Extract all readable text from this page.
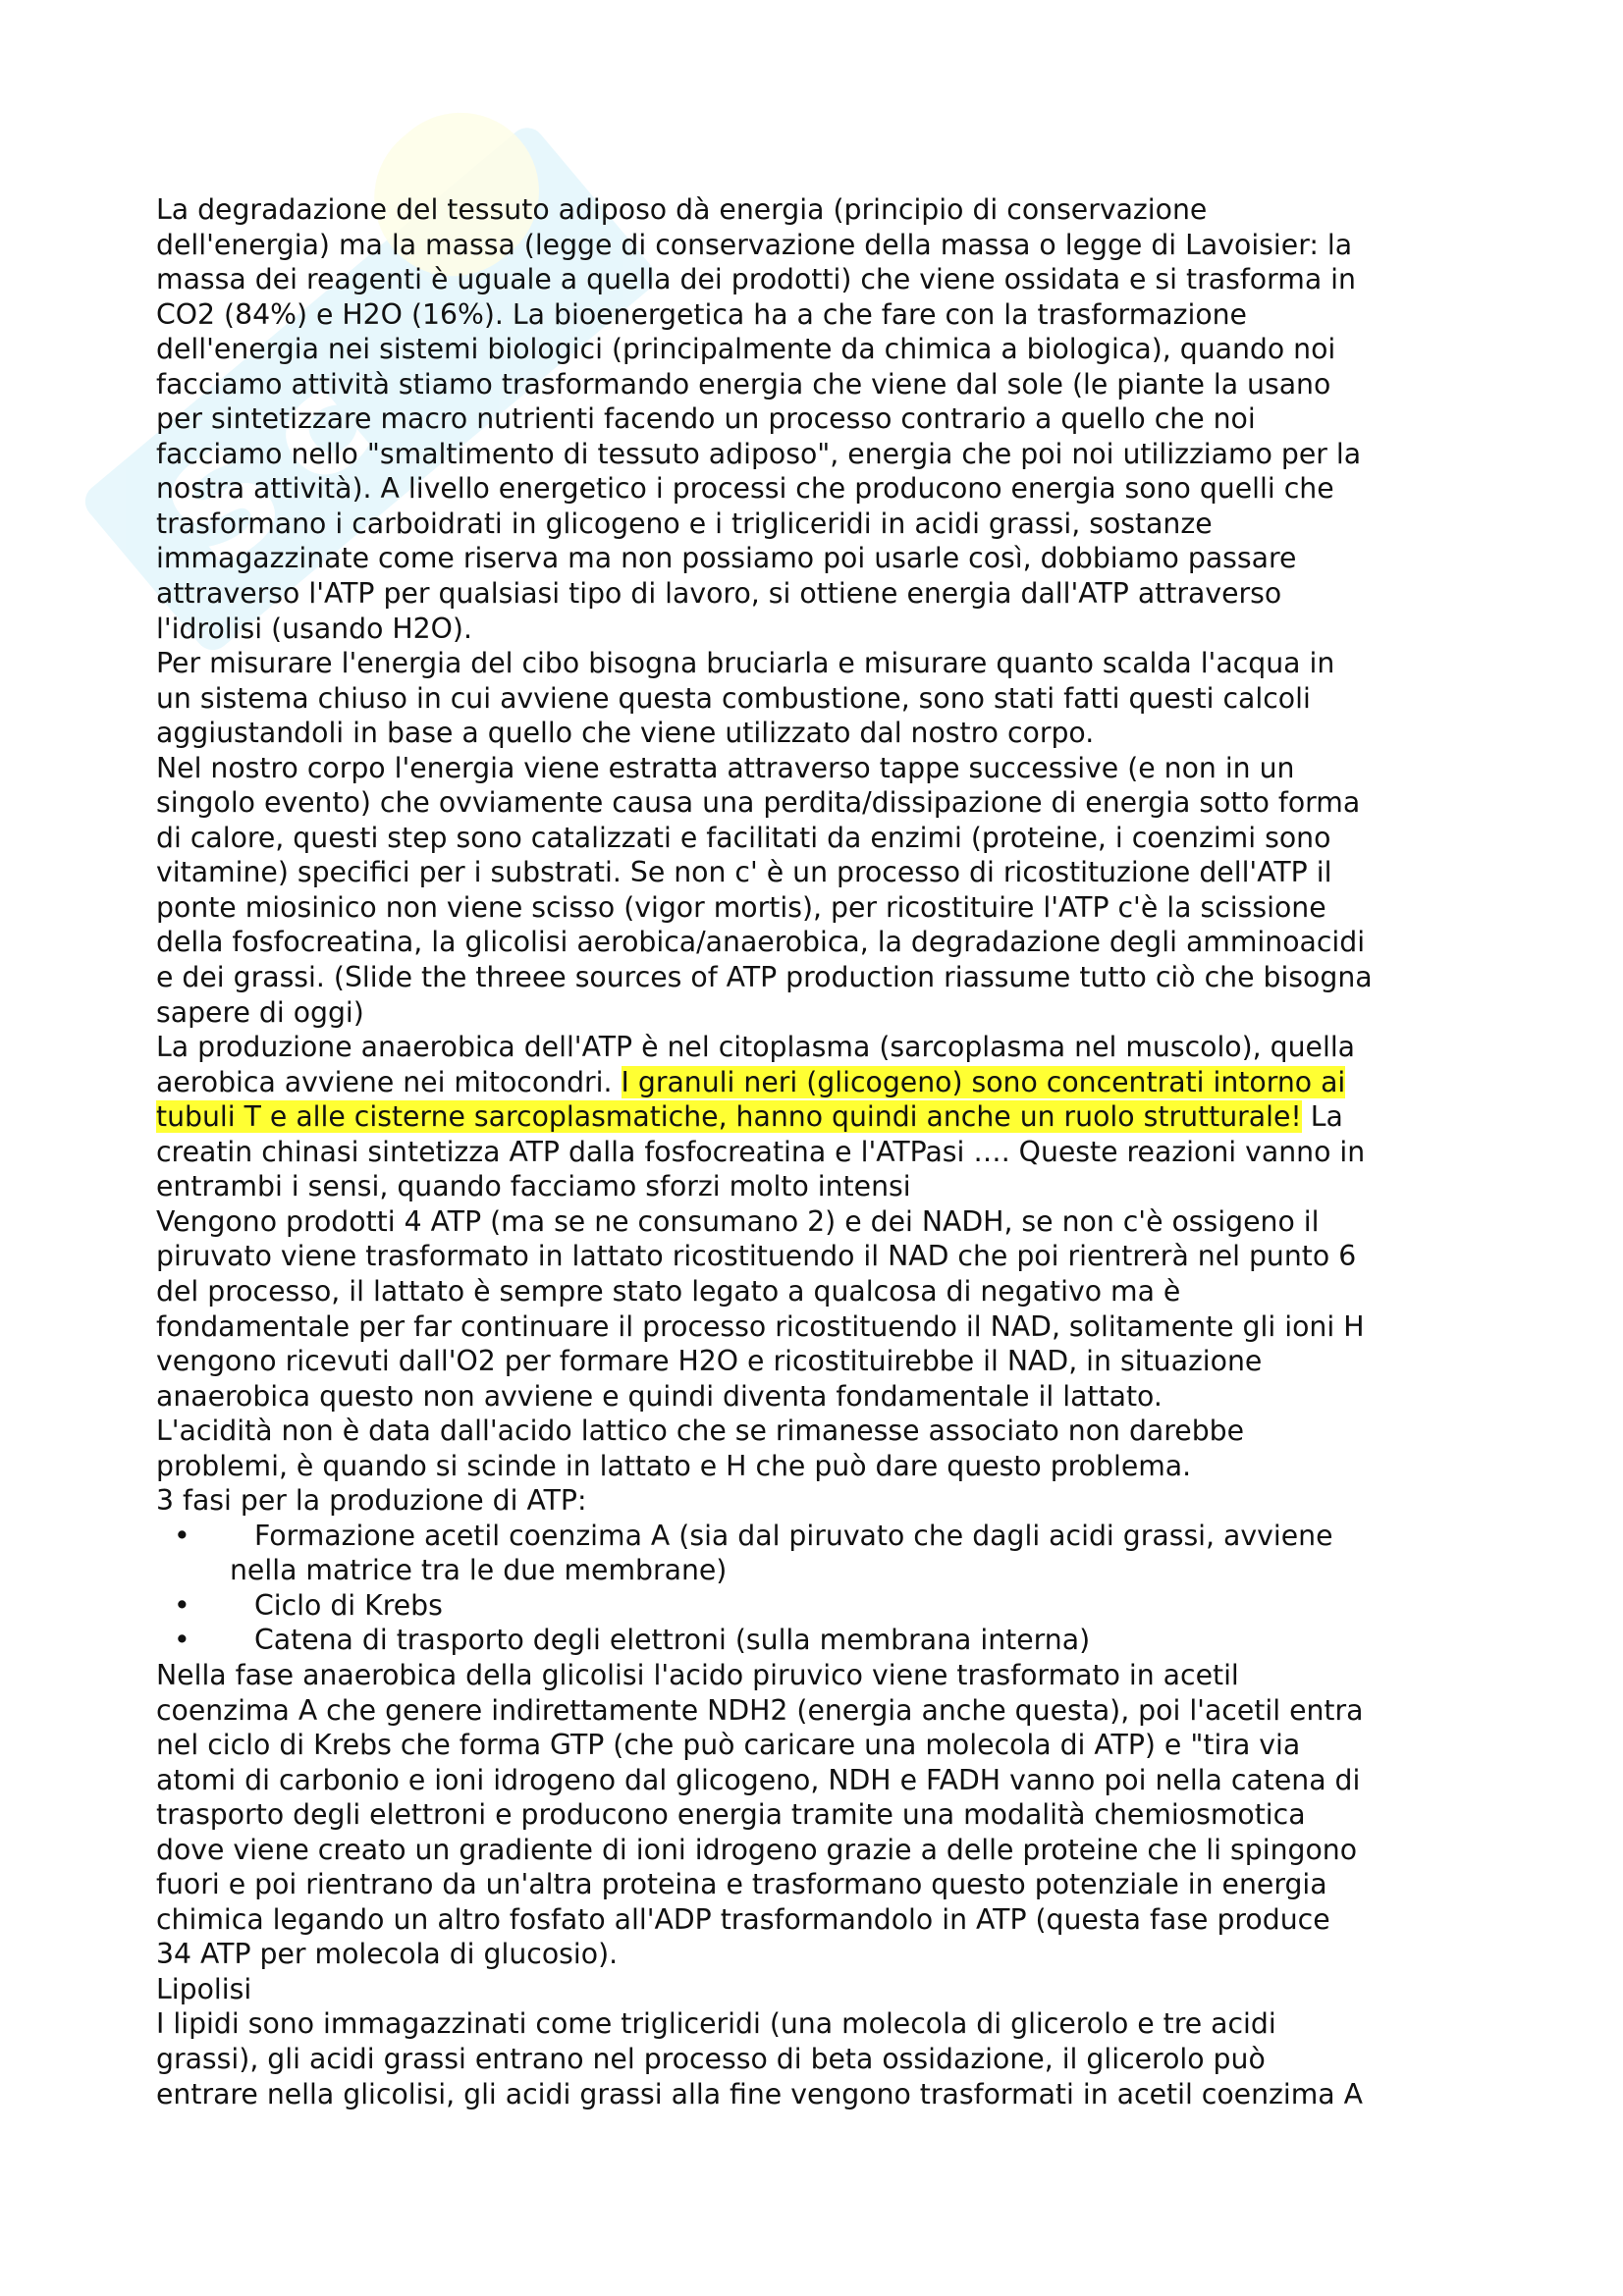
S
c
La degradazione del tessuto adiposo dà energia (principio di conservazione
dell'energia) ma la massa (legge di conservazione della massa o legge di Lavoisier: la
massa dei reagenti è uguale a quella dei prodotti) che viene ossidata e si trasforma in
CO2 (84%) e H2O (16%). La bioenergetica ha a che fare con la trasformazione
dell'energia nei sistemi biologici (principalmente da chimica a biologica), quando noi
facciamo attività stiamo trasformando energia che viene dal sole (le piante la usano
per sintetizzare macro nutrienti facendo un processo contrario a quello che noi
facciamo nello "smaltimento di tessuto adiposo", energia che poi noi utilizziamo per la
nostra attività). A livello energetico i processi che producono energia sono quelli che
trasformano i carboidrati in glicogeno e i trigliceridi in acidi grassi, sostanze
immagazzinate come riserva ma non possiamo poi usarle così, dobbiamo passare
attraverso l'ATP per qualsiasi tipo di lavoro, si ottiene energia dall'ATP attraverso
l'idrolisi (usando H2O).
Per misurare l'energia del cibo bisogna bruciarla e misurare quanto scalda l'acqua in
un sistema chiuso in cui avviene questa combustione, sono stati fatti questi calcoli
aggiustandoli in base a quello che viene utilizzato dal nostro corpo.
Nel nostro corpo l'energia viene estratta attraverso tappe successive (e non in un
singolo evento) che ovviamente causa una perdita/dissipazione di energia sotto forma
di calore, questi step sono catalizzati e facilitati da enzimi (proteine, i coenzimi sono
vitamine) specifici per i substrati. Se non c' è un processo di ricostituzione dell'ATP il
ponte miosinico non viene scisso (vigor mortis), per ricostituire l'ATP c'è la scissione
della fosfocreatina, la glicolisi aerobica/anaerobica, la degradazione degli amminoacidi
e dei grassi. (Slide the threee sources of ATP production riassume tutto ciò che bisogna
sapere di oggi)
La produzione anaerobica dell'ATP è nel citoplasma (sarcoplasma nel muscolo), quella
aerobica avviene nei mitocondri. I granuli neri (glicogeno) sono concentrati intorno ai
tubuli T e alle cisterne sarcoplasmatiche, hanno quindi anche un ruolo strutturale! La
creatin chinasi sintetizza ATP dalla fosfocreatina e l'ATPasi …. Queste reazioni vanno in
entrambi i sensi, quando facciamo sforzi molto intensi
Vengono prodotti 4 ATP (ma se ne consumano 2) e dei NADH, se non c'è ossigeno il
piruvato viene trasformato in lattato ricostituendo il NAD che poi rientrerà nel punto 6
del processo, il lattato è sempre stato legato a qualcosa di negativo ma è
fondamentale per far continuare il processo ricostituendo il NAD, solitamente gli ioni H
vengono ricevuti dall'O2 per formare H2O e ricostituirebbe il NAD, in situazione
anaerobica questo non avviene e quindi diventa fondamentale il lattato.
L'acidità non è data dall'acido lattico che se rimanesse associato non darebbe
problemi, è quando si scinde in lattato e H che può dare questo problema.
3 fasi per la produzione di ATP:
• Formazione acetil coenzima A (sia dal piruvato che dagli acidi grassi, avviene
nella matrice tra le due membrane)
• Ciclo di Krebs
• Catena di trasporto degli elettroni (sulla membrana interna)
Nella fase anaerobica della glicolisi l'acido piruvico viene trasformato in acetil
coenzima A che genere indirettamente NDH2 (energia anche questa), poi l'acetil entra
nel ciclo di Krebs che forma GTP (che può caricare una molecola di ATP) e "tira via
atomi di carbonio e ioni idrogeno dal glicogeno, NDH e FADH vanno poi nella catena di
trasporto degli elettroni e producono energia tramite una modalità chemiosmotica
dove viene creato un gradiente di ioni idrogeno grazie a delle proteine che li spingono
fuori e poi rientrano da un'altra proteina e trasformano questo potenziale in energia
chimica legando un altro fosfato all'ADP trasformandolo in ATP (questa fase produce
34 ATP per molecola di glucosio).
Lipolisi
I lipidi sono immagazzinati come trigliceridi (una molecola di glicerolo e tre acidi
grassi), gli acidi grassi entrano nel processo di beta ossidazione, il glicerolo può
entrare nella glicolisi, gli acidi grassi alla fine vengono trasformati in acetil coenzima A
